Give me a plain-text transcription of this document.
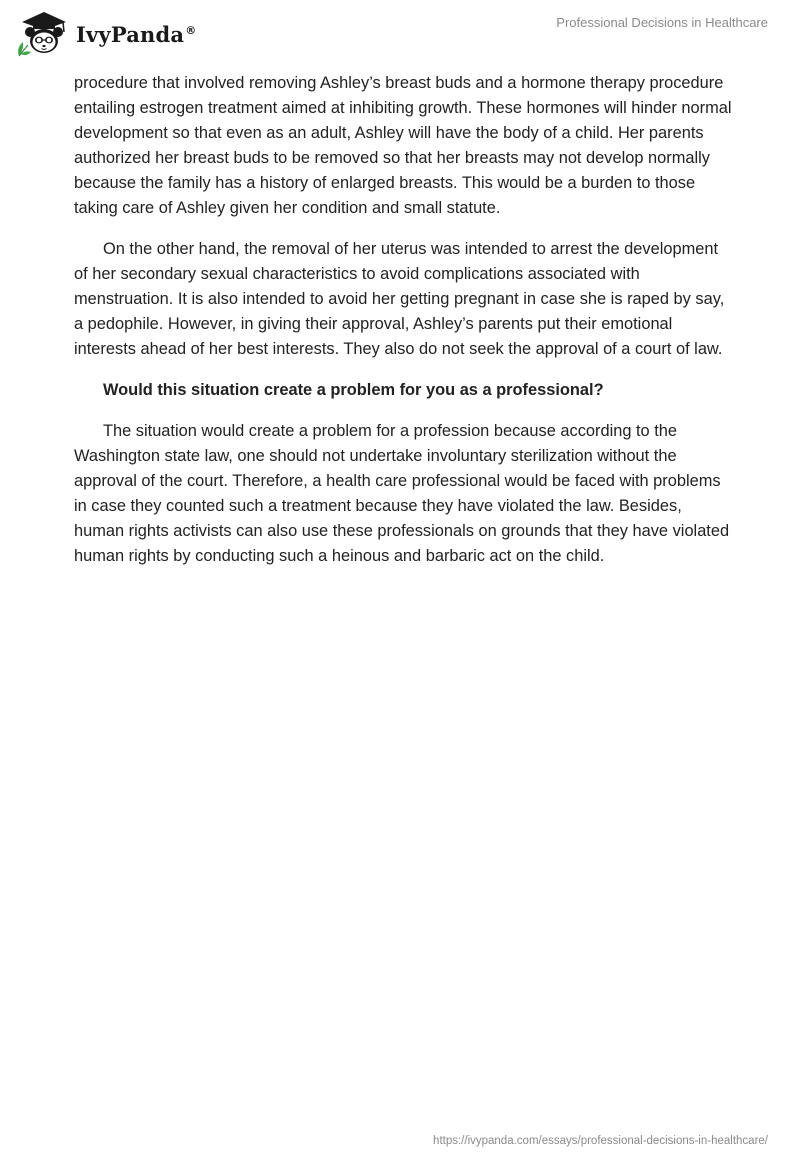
IvyPanda®	Professional Decisions in Healthcare

procedure that involved removing Ashley’s breast buds and a hormone therapy procedure entailing estrogen treatment aimed at inhibiting growth. These hormones will hinder normal development so that even as an adult, Ashley will have the body of a child. Her parents authorized her breast buds to be removed so that her breasts may not develop normally because the family has a history of enlarged breasts. This would be a burden to those taking care of Ashley given her condition and small statute.

On the other hand, the removal of her uterus was intended to arrest the development of her secondary sexual characteristics to avoid complications associated with menstruation. It is also intended to avoid her getting pregnant in case she is raped by say, a pedophile. However, in giving their approval, Ashley’s parents put their emotional interests ahead of her best interests. They also do not seek the approval of a court of law.

Would this situation create a problem for you as a professional?

The situation would create a problem for a profession because according to the Washington state law, one should not undertake involuntary sterilization without the approval of the court. Therefore, a health care professional would be faced with problems in case they counted such a treatment because they have violated the law. Besides, human rights activists can also use these professionals on grounds that they have violated human rights by conducting such a heinous and barbaric act on the child.

https://ivypanda.com/essays/professional-decisions-in-healthcare/
